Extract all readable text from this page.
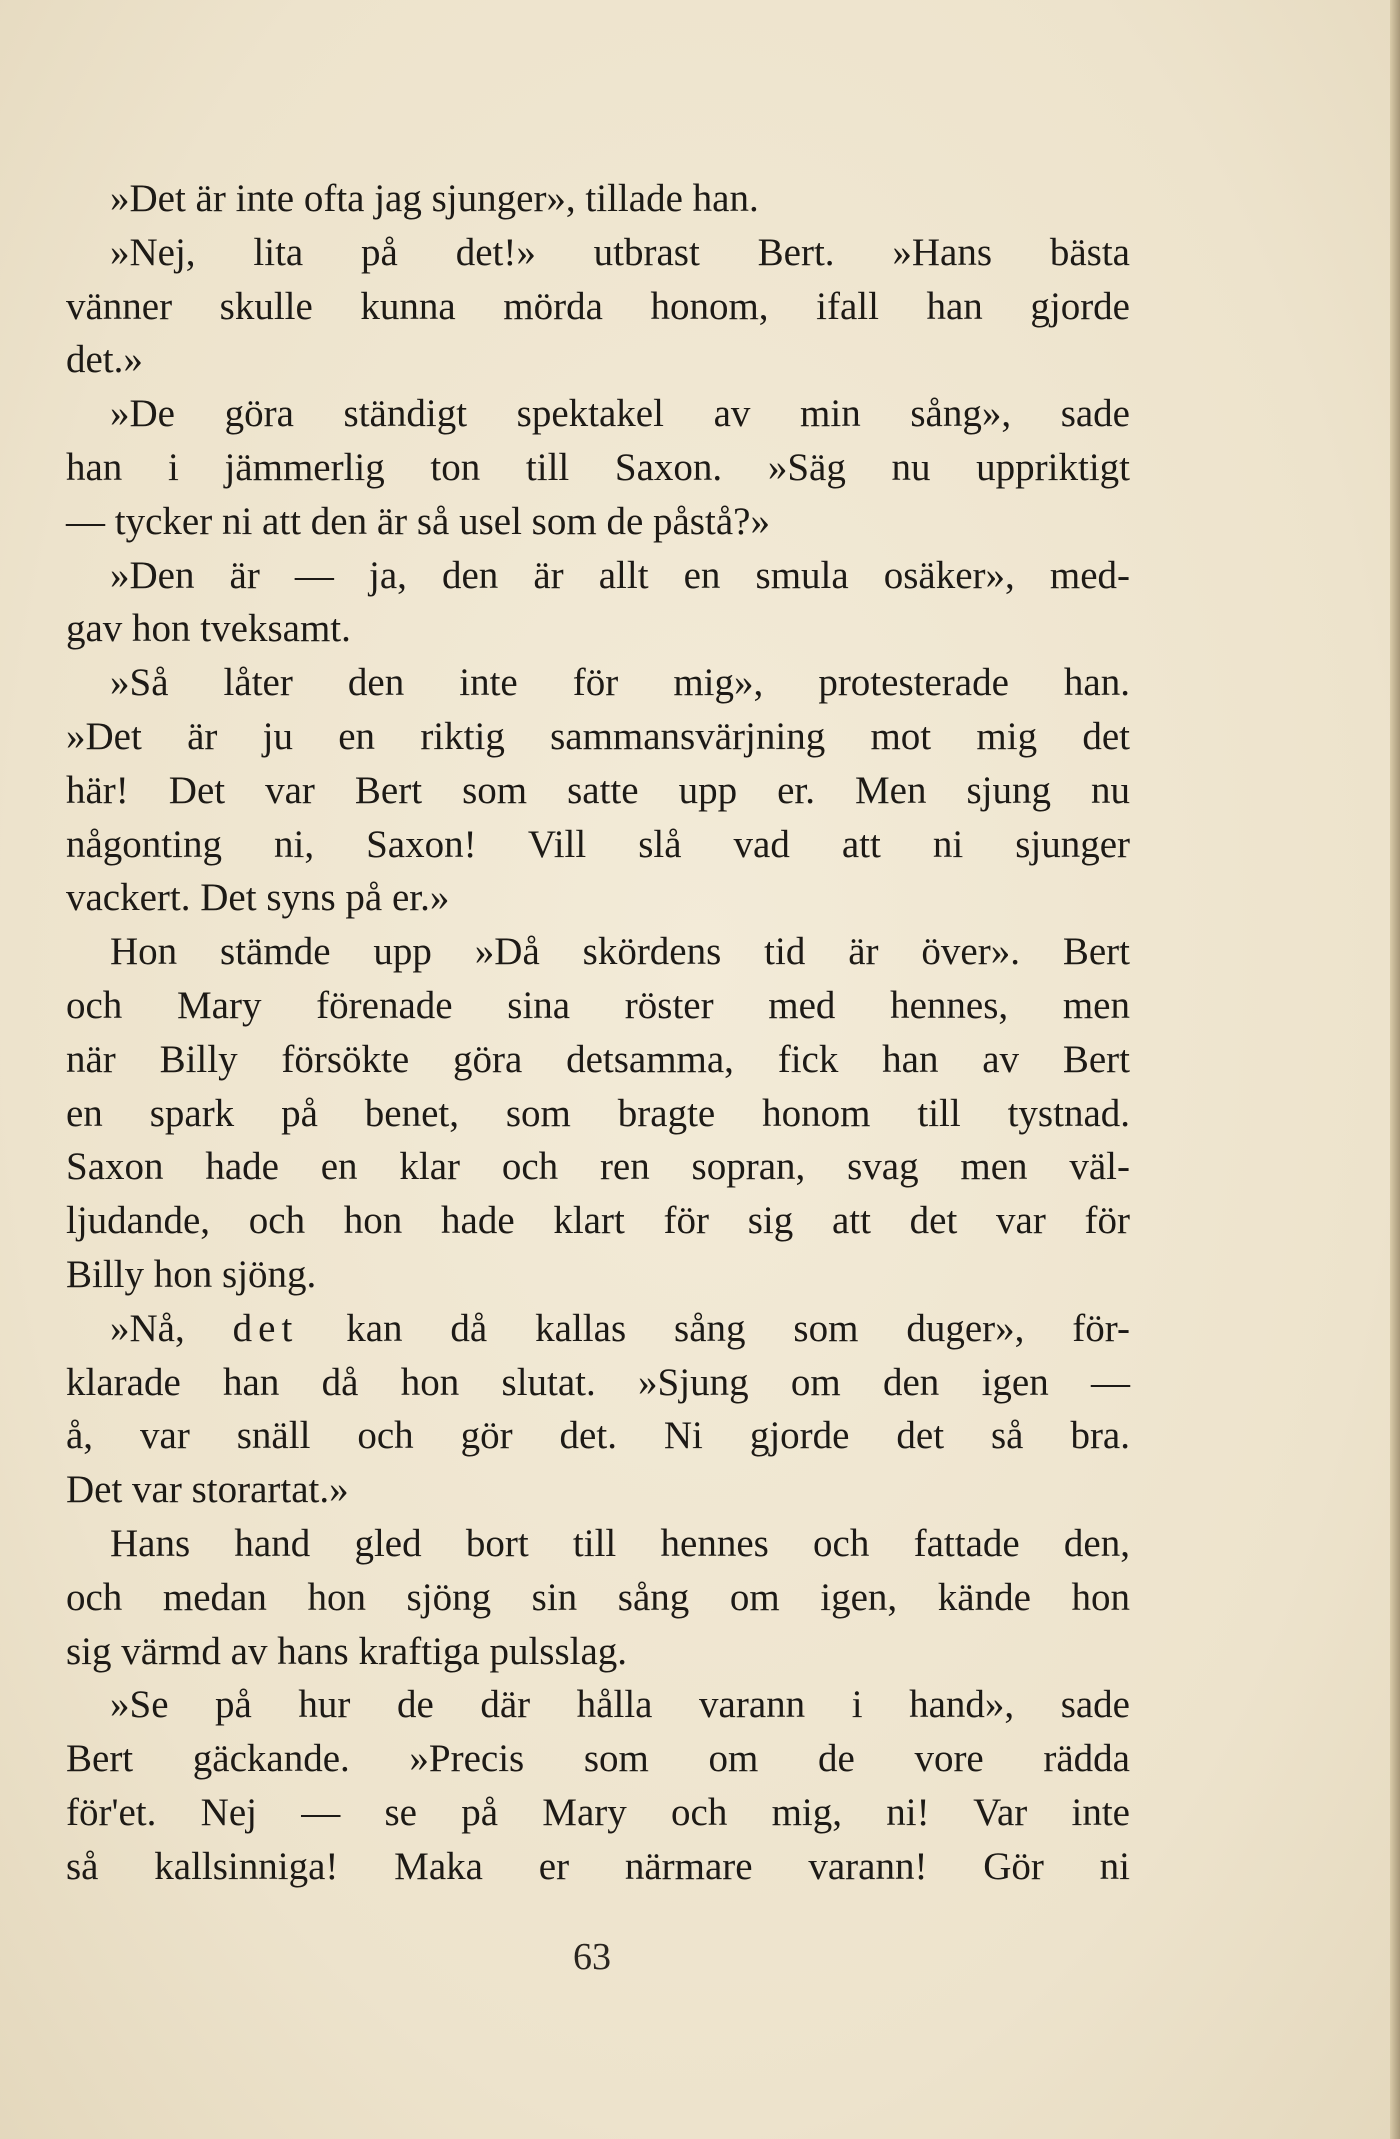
»Det är inte ofta jag sjunger», tillade han.
»Nej, lita på det!» utbrast Bert. »Hans bästa
vänner skulle kunna mörda honom, ifall han gjorde
det.»
»De göra ständigt spektakel av min sång», sade
han i jämmerlig ton till Saxon. »Säg nu uppriktigt
— tycker ni att den är så usel som de påstå?»
»Den är — ja, den är allt en smula osäker», med-
gav hon tveksamt.
»Så låter den inte för mig», protesterade han.
»Det är ju en riktig sammansvärjning mot mig det
här! Det var Bert som satte upp er. Men sjung nu
någonting ni, Saxon! Vill slå vad att ni sjunger
vackert. Det syns på er.»
Hon stämde upp »Då skördens tid är över». Bert
och Mary förenade sina röster med hennes, men
när Billy försökte göra detsamma, fick han av Bert
en spark på benet, som bragte honom till tystnad.
Saxon hade en klar och ren sopran, svag men väl-
ljudande, och hon hade klart för sig att det var för
Billy hon sjöng.
»Nå, det kan då kallas sång som duger», för-
klarade han då hon slutat. »Sjung om den igen —
å, var snäll och gör det. Ni gjorde det så bra.
Det var storartat.»
Hans hand gled bort till hennes och fattade den,
och medan hon sjöng sin sång om igen, kände hon
sig värmd av hans kraftiga pulsslag.
»Se på hur de där hålla varann i hand», sade
Bert gäckande. »Precis som om de vore rädda
för'et. Nej — se på Mary och mig, ni! Var inte
så kallsinniga! Maka er närmare varann! Gör ni
63
